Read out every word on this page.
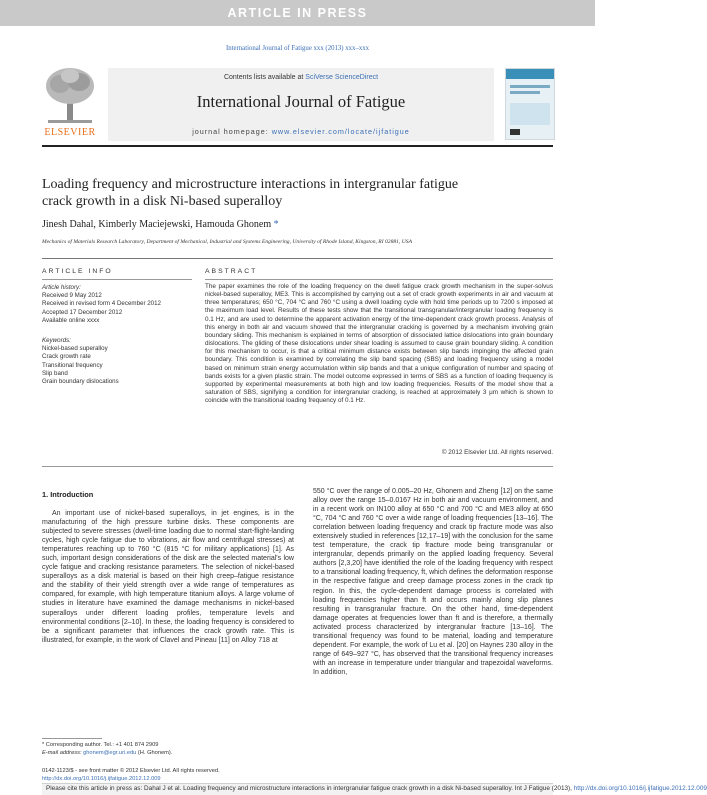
ARTICLE IN PRESS
International Journal of Fatigue xxx (2013) xxx–xxx
ELSEVIER
Contents lists available at SciVerse ScienceDirect
International Journal of Fatigue
journal homepage: www.elsevier.com/locate/ijfatigue
Loading frequency and microstructure interactions in intergranular fatigue
crack growth in a disk Ni-based superalloy
Jinesh Dahal, Kimberly Maciejewski, Hamouda Ghonem *
Mechanics of Materials Research Laboratory, Department of Mechanical, Industrial and Systems Engineering, University of Rhode Island, Kingston, RI 02881, USA
ARTICLE INFO	ABSTRACT
Article history:
Received 9 May 2012
Received in revised form 4 December 2012
Accepted 17 December 2012
Available online xxxx
Keywords:
Nickel-based superalloy
Crack growth rate
Transitional frequency
Slip band
Grain boundary dislocations
The paper examines the role of the loading frequency on the dwell fatigue crack growth mechanism in the super-solvus nickel-based superalloy, ME3. This is accomplished by carrying out a set of crack growth experiments in air and vacuum at three temperatures; 650 °C, 704 °C and 760 °C using a dwell loading cycle with hold time periods up to 7200 s imposed at the maximum load level. Results of these tests show that the transitional transgranular/intergranular loading frequency is 0.1 Hz, and are used to determine the apparent activation energy of the time-dependent crack growth process. Analysis of this energy in both air and vacuum showed that the intergranular cracking is governed by a mechanism involving grain boundary sliding. This mechanism is explained in terms of absorption of dissociated lattice dislocations into grain boundary dislocations. The gliding of these dislocations under shear loading is assumed to cause grain boundary sliding. A condition for this mechanism to occur, is that a critical minimum distance exists between slip bands impinging the affected grain boundary. This condition is examined by correlating the slip band spacing (SBS) and loading frequency using a model based on minimum strain energy accumulation within slip bands and that a unique configuration of number and spacing of bands exists for a given plastic strain. The model outcome expressed in terms of SBS as a function of loading frequency is supported by experimental measurements at both high and low loading frequencies. Results of the model show that a saturation of SBS, signifying a condition for intergranular cracking, is reached at approximately 3 μm which is shown to coincide with the transitional loading frequency of 0.1 Hz.
© 2012 Elsevier Ltd. All rights reserved.
1. Introduction
An important use of nickel-based superalloys, in jet engines, is in the manufacturing of the high pressure turbine disks. These components are subjected to severe stresses (dwell-time loading due to normal start-flight-landing cycles, high cycle fatigue due to vibrations, air flow and centrifugal stresses) at temperatures reaching up to 760 °C (815 °C for military applications) [1]. As such, important design considerations of the disk are the selected material's low cycle fatigue and cracking resistance parameters. The selection of nickel-based superalloys as a disk material is based on their high creep–fatigue resistance and the stability of their yield strength over a wide range of temperatures as compared, for example, with high temperature titanium alloys. A large volume of studies in literature have examined the damage mechanisms in nickel-based superalloys under different loading profiles, temperature levels and environmental conditions [2–10]. In these, the loading frequency is considered to be a significant parameter that influences the crack growth rate. This is illustrated, for example, in the work of Clavel and Pineau [11] on Alloy 718 at
550 °C over the range of 0.005–20 Hz, Ghonem and Zheng [12] on the same alloy over the range 15–0.0167 Hz in both air and vacuum environment, and in a recent work on IN100 alloy at 650 °C and 700 °C and ME3 alloy at 650 °C, 704 °C and 760 °C over a wide range of loading frequencies [13–16]. The correlation between loading frequency and crack tip fracture mode was also extensively studied in references [12,17–19] with the conclusion for the same test temperature, the crack tip fracture mode being transgranular or intergranular, depends primarily on the applied loading frequency. Several authors [2,3,20] have identified the role of the loading frequency with respect to a transitional loading frequency, ft, which defines the deformation response in the respective fatigue and creep damage process zones in the crack tip region. In this, the cycle-dependent damage process is correlated with loading frequencies higher than ft and occurs mainly along slip planes resulting in transgranular fracture. On the other hand, time-dependent damage operates at frequencies lower than ft and is therefore, a thermally activated process characterized by intergranular fracture [13–16]. The transitional frequency was found to be material, loading and temperature dependent. For example, the work of Lu et al. [20] on Haynes 230 alloy in the range of 649–927 °C, has observed that the transitional frequency increases with an increase in temperature under triangular and trapezoidal waveforms. In addition,
* Corresponding author. Tel.: +1 401 874 2909
E-mail address: ghonem@egr.uri.edu (H. Ghonem).
0142-1123/$ - see front matter © 2012 Elsevier Ltd. All rights reserved.
http://dx.doi.org/10.1016/j.ijfatigue.2012.12.009
Please cite this article in press as: Dahal J et al. Loading frequency and microstructure interactions in intergranular fatigue crack growth in a disk Ni-based superalloy. Int J Fatigue (2013), http://dx.doi.org/10.1016/j.ijfatigue.2012.12.009
